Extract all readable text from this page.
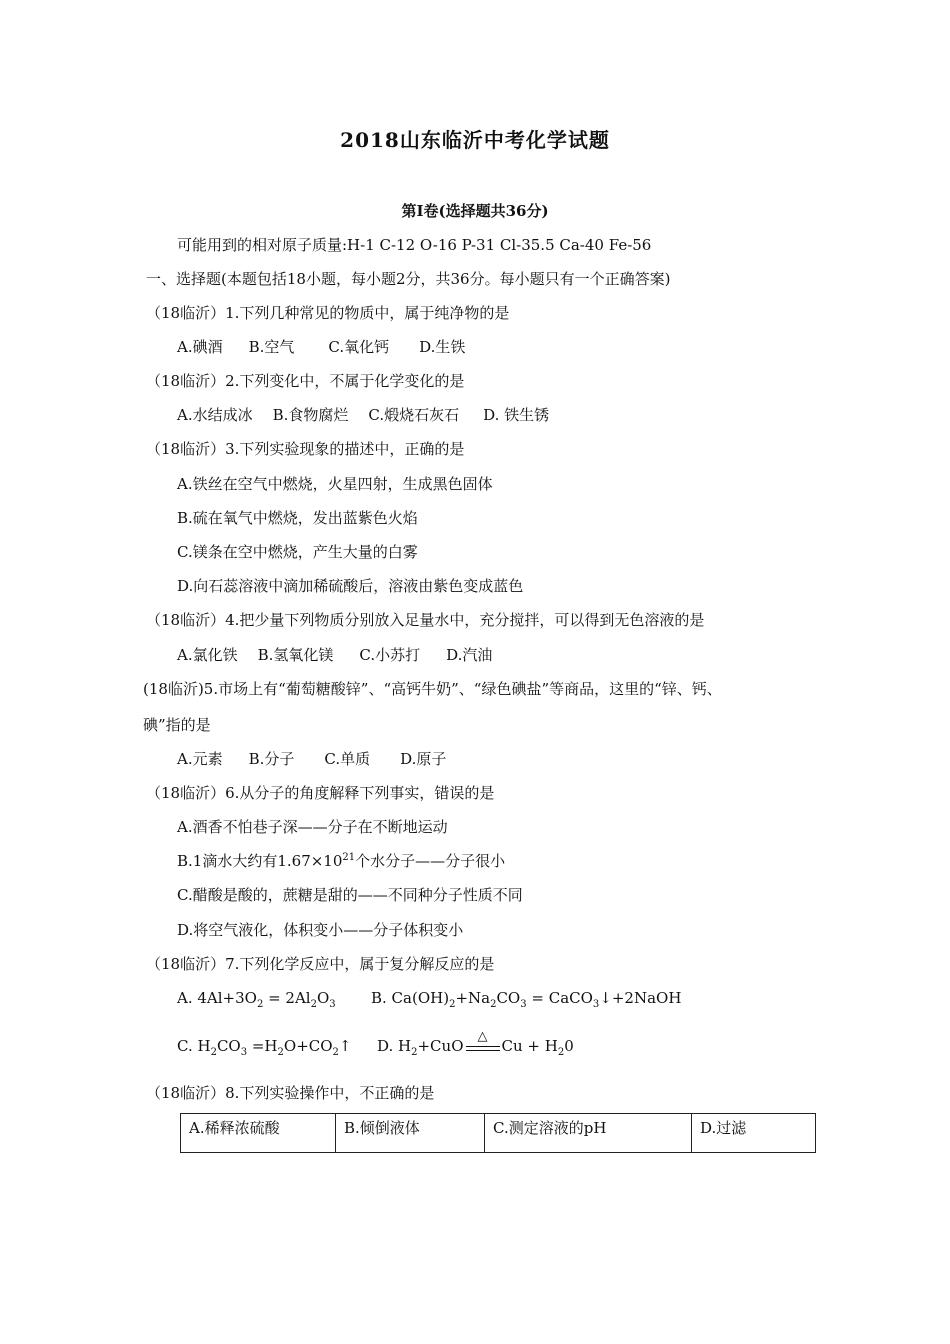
2018山东临沂中考化学试题
第I卷(选择题共36分)
可能用到的相对原子质量:H-1 C-12 O-16 P-31 Cl-35.5 Ca-40 Fe-56
一、选择题(本题包括18小题，每小题2分，共36分。每小题只有一个正确答案)
（18临沂）1.下列几种常见的物质中，属于纯净物的是
A.碘酒 B.空气 C.氧化钙 D.生铁
（18临沂）2.下列变化中，不属于化学变化的是
A.水结成冰 B.食物腐烂 C.煅烧石灰石 D. 铁生锈
（18临沂）3.下列实验现象的描述中，正确的是
A.铁丝在空气中燃烧，火星四射，生成黑色固体
B.硫在氧气中燃烧，发出蓝紫色火焰
C.镁条在空中燃烧，产生大量的白雾
D.向石蕊溶液中滴加稀硫酸后，溶液由紫色变成蓝色
（18临沂）4.把少量下列物质分别放入足量水中，充分搅拌，可以得到无色溶液的是
A.氯化铁 B.氢氧化镁 C.小苏打 D.汽油
(18临沂)5.市场上有“葡萄糖酸锌”、“高钙牛奶”、“绿色碘盐”等商品，这里的“锌、钙、
碘”指的是
A.元素 B.分子 C.单质 D.原子
（18临沂）6.从分子的角度解释下列事实，错误的是
A.酒香不怕巷子深——分子在不断地运动
B.1滴水大约有$1.67\times 10^{21}$个水分子——分子很小
C.醋酸是酸的，蔗糖是甜的——不同种分子性质不同
D.将空气液化，体积变小——分子体积变小
（18临沂）7.下列化学反应中，属于复分解反应的是
A. $4Al+3O_2 = 2Al_2O_3$ B. $Ca(OH)_2+Na_2CO_3$ = CaCO$_3$↓+2NaOH
C. $H_2CO_3$ $=H_2O+CO_2↑$ D. $H_2+CuO$
△
$Cu + H_20$
（18临沂）8.下列实验操作中，不正确的是
A.稀释浓硫酸	B.倾倒液体	C.测定溶液的pH	D.过滤
